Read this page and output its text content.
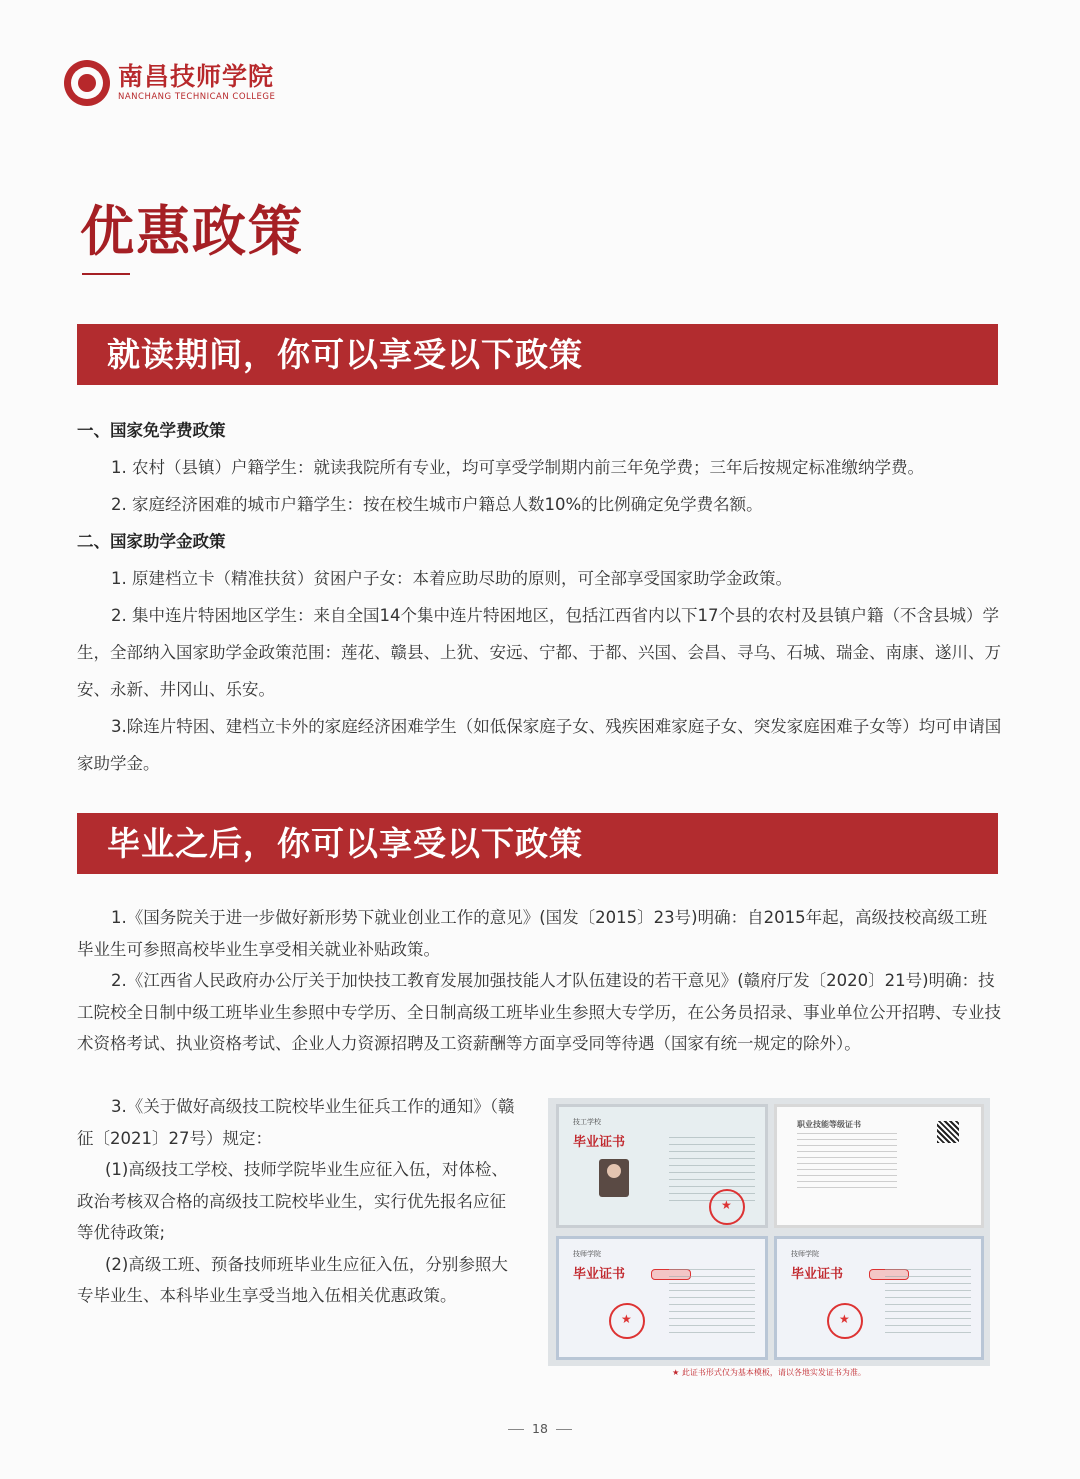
南昌技师学院
NANCHANG TECHNICAN COLLEGE
优惠政策
就读期间，你可以享受以下政策

一、国家免学费政策

1. 农村（县镇）户籍学生：就读我院所有专业，均可享受学制期内前三年免学费；三年后按规定标准缴纳学费。

2. 家庭经济困难的城市户籍学生：按在校生城市户籍总人数10%的比例确定免学费名额。

二、国家助学金政策

1. 原建档立卡（精准扶贫）贫困户子女：本着应助尽助的原则，可全部享受国家助学金政策。

2. 集中连片特困地区学生：来自全国14个集中连片特困地区，包括江西省内以下17个县的农村及县镇户籍（不含县城）学生，全部纳入国家助学金政策范围：莲花、赣县、上犹、安远、宁都、于都、兴国、会昌、寻乌、石城、瑞金、南康、遂川、万安、永新、井冈山、乐安。

3.除连片特困、建档立卡外的家庭经济困难学生（如低保家庭子女、残疾困难家庭子女、突发家庭困难子女等）均可申请国家助学金。

毕业之后，你可以享受以下政策

1.《国务院关于进一步做好新形势下就业创业工作的意见》(国发〔2015〕23号)明确：自2015年起，高级技校高级工班毕业生可参照高校毕业生享受相关就业补贴政策。

2.《江西省人民政府办公厅关于加快技工教育发展加强技能人才队伍建设的若干意见》(赣府厅发〔2020〕21号)明确：技工院校全日制中级工班毕业生参照中专学历、全日制高级工班毕业生参照大专学历，在公务员招录、事业单位公开招聘、专业技术资格考试、执业资格考试、企业人力资源招聘及工资薪酬等方面享受同等待遇（国家有统一规定的除外）。

3.《关于做好高级技工院校毕业生征兵工作的通知》（赣征〔2021〕27号）规定：

(1)高级技工学校、技师学院毕业生应征入伍，对体检、政治考核双合格的高级技工院校毕业生，实行优先报名应征等优待政策;

(2)高级工班、预备技师班毕业生应征入伍，分别参照大专毕业生、本科毕业生享受当地入伍相关优惠政策。

技工学校
毕业证书
★
职业技能等级证书
技师学院
毕业证书
★
技师学院
毕业证书
★
★ 此证书形式仅为基本模板，请以各地实发证书为准。
18
